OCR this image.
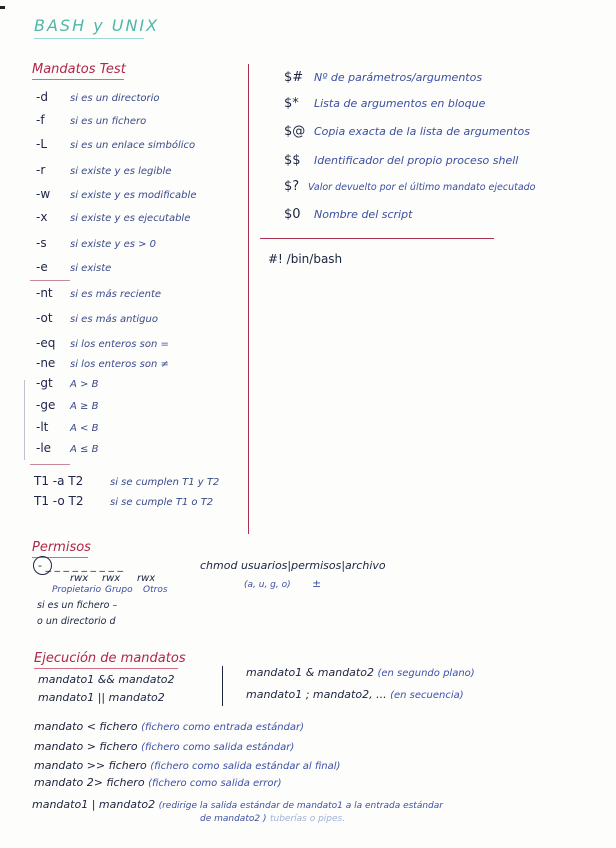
BASH y UNIX
Mandatos Test
-d si es un directorio
-f	si es un fichero
-L si es un enlace simbólico
-r si existe y es legible
-w si existe y es modificable
-x si existe y es ejecutable
-s si existe y es > 0
-e si existe
-nt si es más reciente
-ot si es más antiguo
-eq si los enteros son =
-ne si los enteros son ≠
-gt A > B
-ge A ≥ B
-lt A < B
-le A ≤ B
T1 -a T2	si se cumplen T1 y T2
T1 -o T2	si se cumple T1 o T2
$# Nº de parámetros/argumentos
$* Lista de argumentos en bloque
$@ Copia exacta de la lista de argumentos
$$ Identificador del propio proceso shell
$? Valor devuelto por el último mandato ejecutado
$0 Nombre del script
#! /bin/bash
Permisos
- _ _ _ _ _ _ _ _ _
rwx rwx rwx
Propietario Grupo Otros
si es un fichero –
o un directorio d
chmod usuarios|permisos|archivo
(a, u, g, o) ±
Ejecución de mandatos
mandato1 && mandato2
mandato1 || mandato2
mandato1 & mandato2 (en segundo plano)
mandato1 ; mandato2, ... (en secuencia)
mandato < fichero (fichero como entrada estándar)
mandato > fichero (fichero como salida estándar)
mandato >> fichero (fichero como salida estándar al final)
mandato 2> fichero (fichero como salida error)
mandato1 | mandato2 (redirige la salida estándar de mandato1 a la entrada estándar
de mandato2 ) tuberías o pipes.
